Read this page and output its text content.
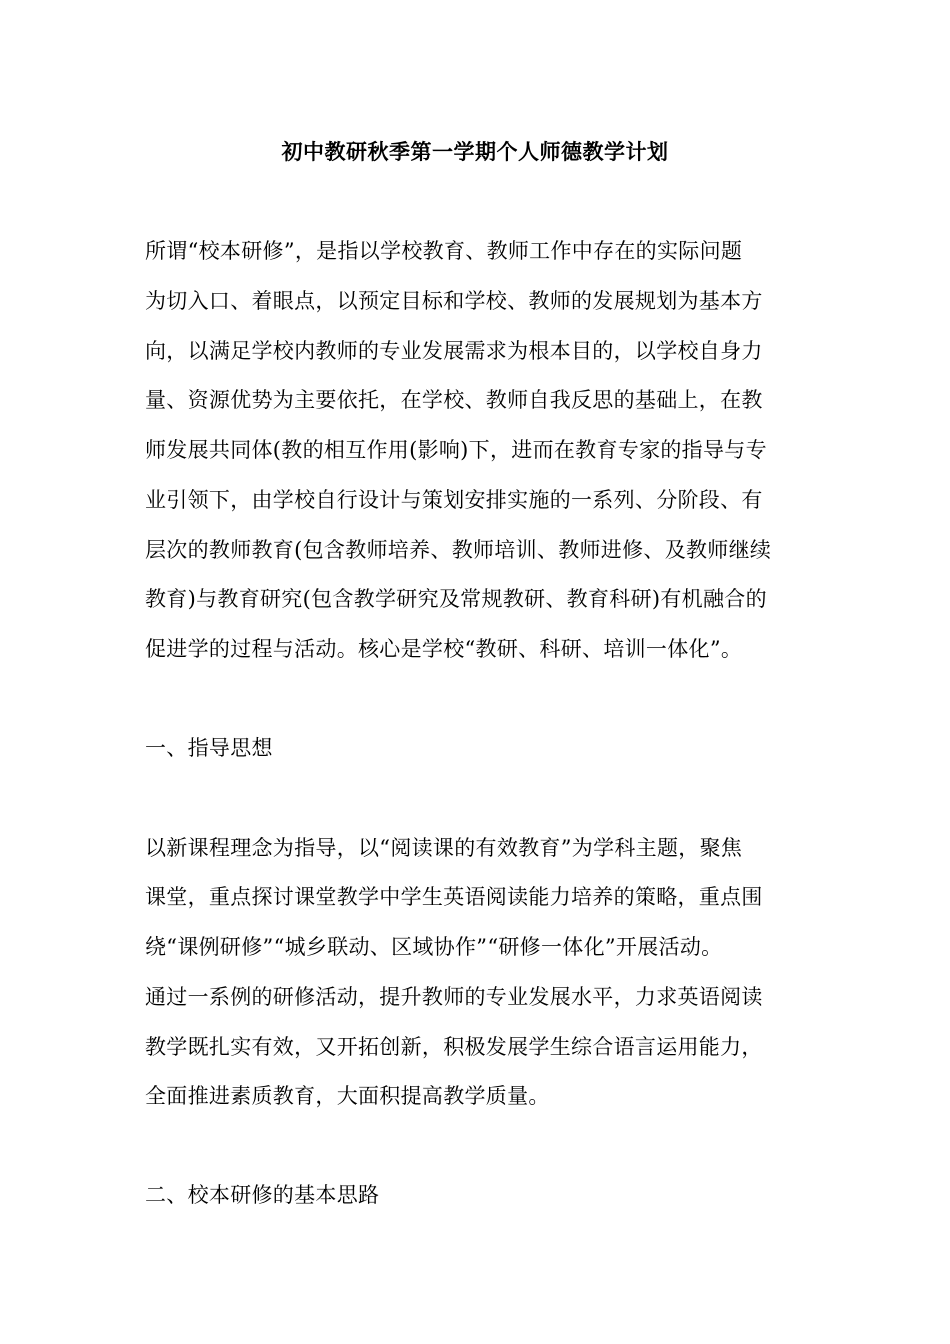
初中教研秋季第一学期个人师德教学计划
所谓“校本研修”，是指以学校教育、教师工作中存在的实际问题
为切入口、着眼点，以预定目标和学校、教师的发展规划为基本方
向，以满足学校内教师的专业发展需求为根本目的，以学校自身力
量、资源优势为主要依托，在学校、教师自我反思的基础上，在教
师发展共同体(教的相互作用(影响)下，进而在教育专家的指导与专
业引领下，由学校自行设计与策划安排实施的一系列、分阶段、有
层次的教师教育(包含教师培养、教师培训、教师进修、及教师继续
教育)与教育研究(包含教学研究及常规教研、教育科研)有机融合的
促进学的过程与活动。核心是学校“教研、科研、培训一体化”。
一、指导思想
以新课程理念为指导，以“阅读课的有效教育”为学科主题，聚焦
课堂，重点探讨课堂教学中学生英语阅读能力培养的策略，重点围
绕“课例研修”“城乡联动、区域协作”“研修一体化”开展活动。
通过一系例的研修活动，提升教师的专业发展水平，力求英语阅读
教学既扎实有效，又开拓创新，积极发展学生综合语言运用能力，
全面推进素质教育，大面积提高教学质量。
二、校本研修的基本思路
